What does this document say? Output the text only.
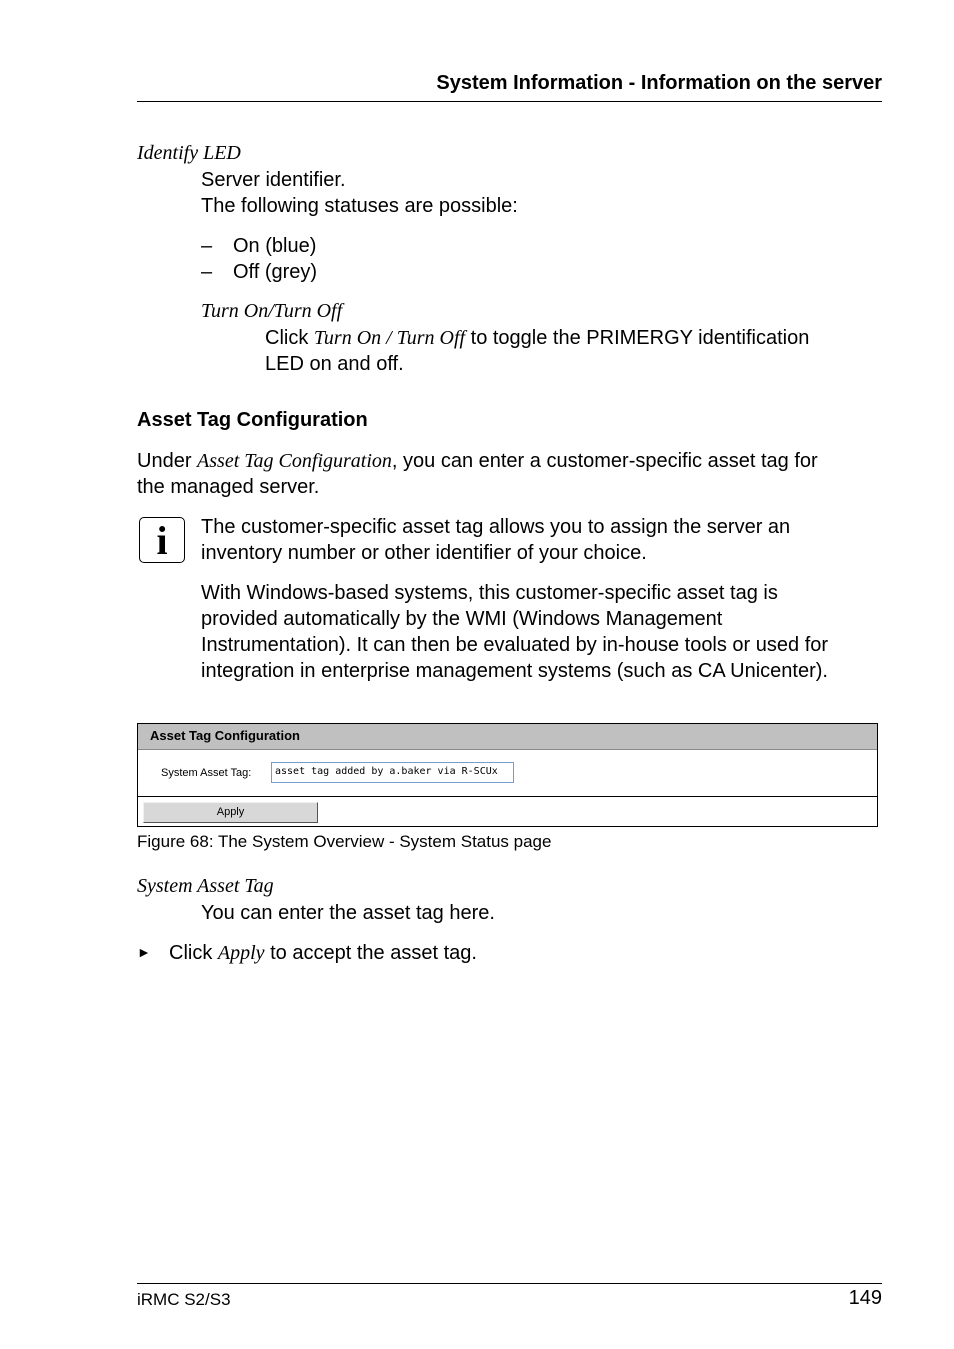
System Information - Information on the server
Identify LED
Server identifier.
The following statuses are possible:
– On (blue)
– Off (grey)
Turn On/Turn Off
Click Turn On / Turn Off to toggle the PRIMERGY identification
LED on and off.
Asset Tag Configuration
Under Asset Tag Configuration, you can enter a customer-specific asset tag for
the managed server.
i	The customer-specific asset tag allows you to assign the server an
inventory number or other identifier of your choice.
With Windows-based systems, this customer-specific asset tag is
provided automatically by the WMI (Windows Management
Instrumentation). It can then be evaluated by in-house tools or used for
integration in enterprise management systems (such as CA Unicenter).
Asset Tag Configuration
System Asset Tag:	asset tag added by a.baker via R-SCUx
Apply
Figure 68: The System Overview - System Status page
System Asset Tag
You can enter the asset tag here.
► Click Apply to accept the asset tag.
iRMC S2/S3	149
